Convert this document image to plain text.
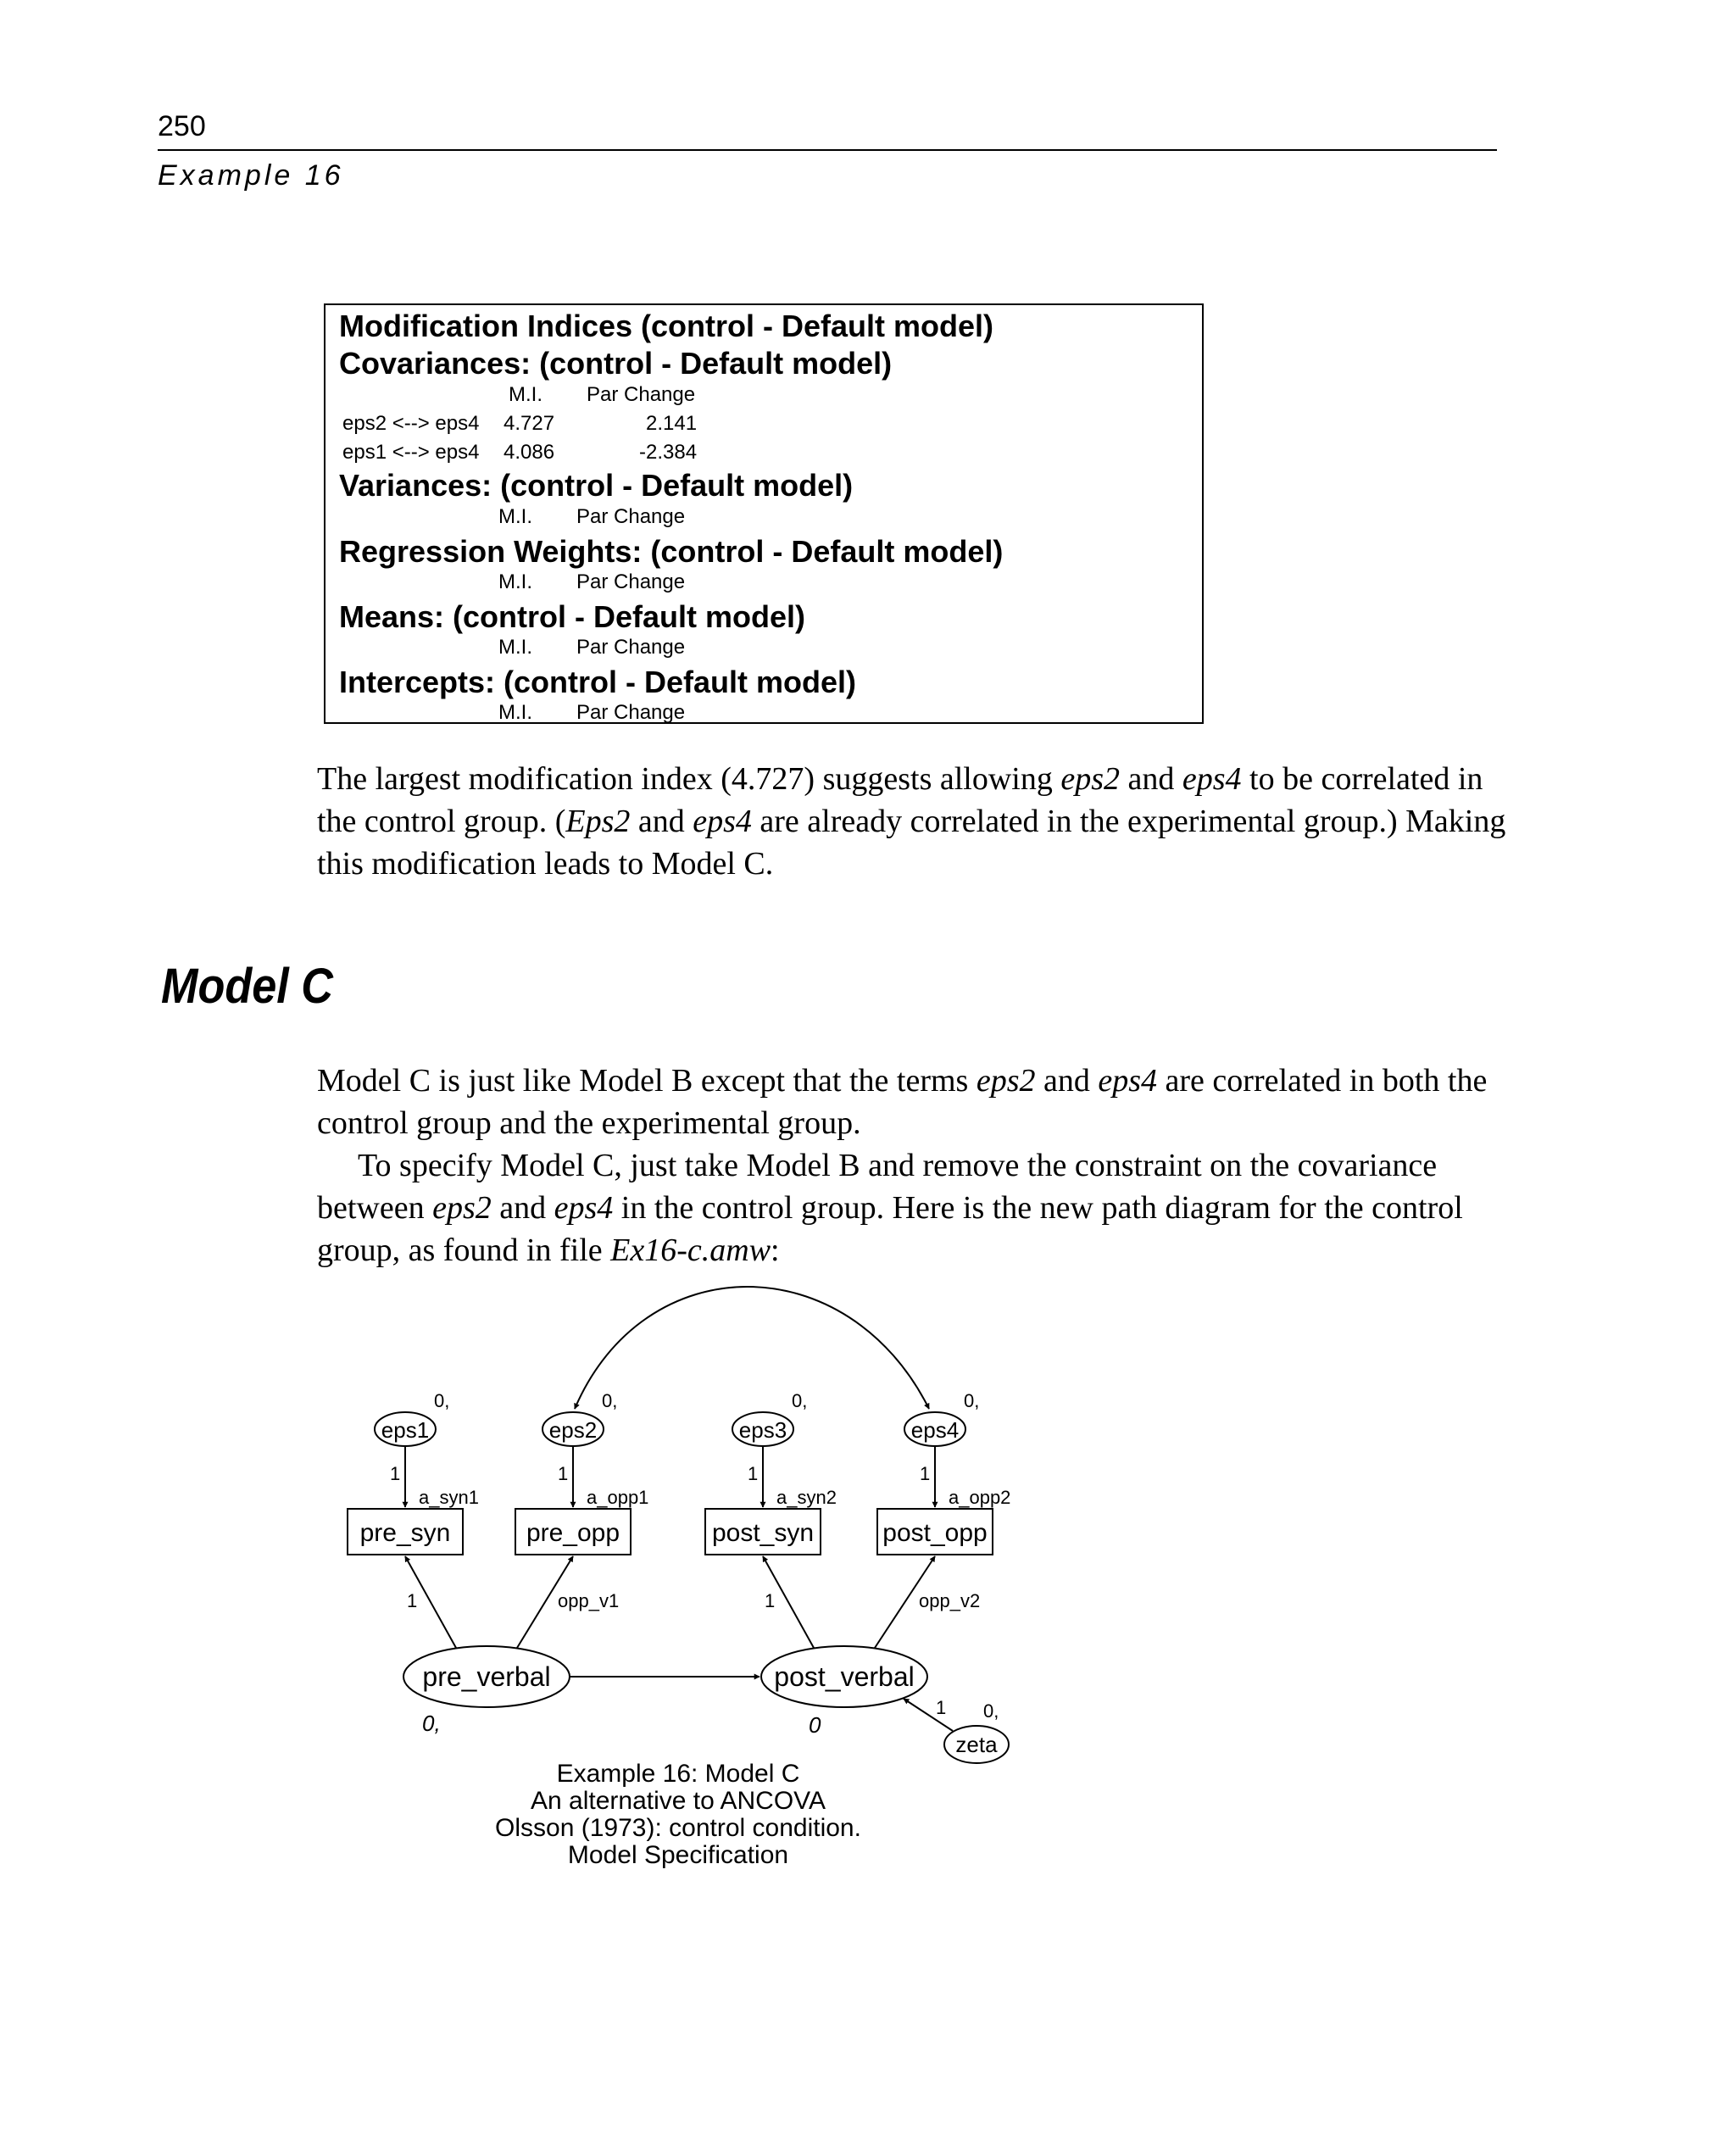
250
Example 16
Modification Indices (control - Default model)
Covariances: (control - Default model)
M.I. Par Change
eps2 <--> eps4 4.727	2.141
eps1 <--> eps4 4.086	-2.384
Variances: (control - Default model)
M.I. Par Change
Regression Weights: (control - Default model)
M.I. Par Change
Means: (control - Default model)
M.I. Par Change
Intercepts: (control - Default model)
M.I. Par Change

The largest modification index (4.727) suggests allowing eps2 and eps4 to be correlated in the control group. (Eps2 and eps4 are already correlated in the experimental group.) Making this modification leads to Model C.

Model C

Model C is just like Model B except that the terms eps2 and eps4 are correlated in both the control group and the experimental group.

To specify Model C, just take Model B and remove the constraint on the covariance between eps2 and eps4 in the control group. Here is the new path diagram for the control group, as found in file Ex16-c.amw:

eps1	eps2	eps3	eps4
0,	0,	0,	0,
1	1	1	1
a_syn1	a_opp1	a_syn2	a_opp2
pre_syn	pre_opp	post_syn	post_opp
1	opp_v1	1	opp_v2
pre_verbal	post_verbal
0,	0
zeta
0,
1
Example 16: Model C
An alternative to ANCOVA
Olsson (1973): control condition.
Model Specification
